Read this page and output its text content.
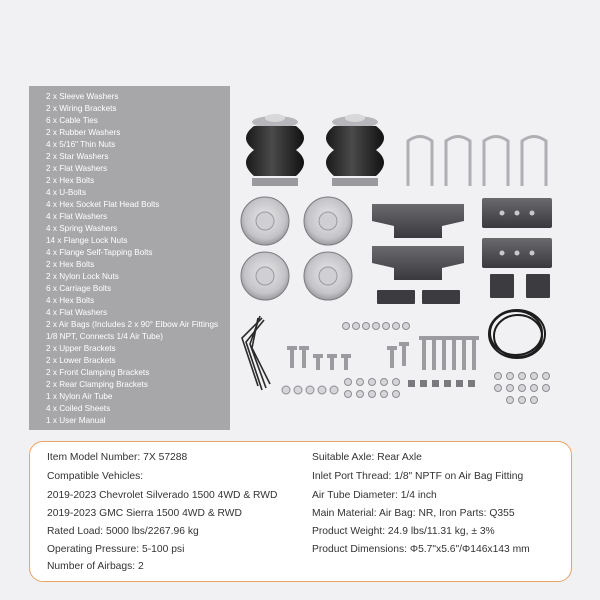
2 x Sleeve Washers
2 x Wiring Brackets
6 x Cable Ties
2 x Rubber Washers
4 x 5/16" Thin Nuts
2 x Star Washers
2 x Flat Washers
2 x Hex Bolts
4 x U-Bolts
4 x Hex Socket Flat Head Bolts
4 x Flat Washers
4 x Spring Washers
14 x Flange Lock Nuts
4 x Flange Self-Tapping Bolts
2 x Hex Bolts
2 x Nylon Lock Nuts
6 x Carriage Bolts
4 x Hex Bolts
4 x Flat Washers
2 x Air Bags (Includes 2 x 90° Elbow Air Fittings 1/8 NPT, Connects 1/4 Air Tube)
2 x Upper Brackets
2 x Lower Brackets
2 x Front Clamping Brackets
2 x Rear Clamping Brackets
1 x Nylon Air Tube
4 x Coiled Sheets
1 x User Manual
Item Model Number: 7X 57288
Compatible Vehicles:
2019-2023 Chevrolet Silverado 1500 4WD & RWD
2019-2023 GMC Sierra 1500 4WD & RWD
Rated Load: 5000 lbs/2267.96 kg
Operating Pressure: 5-100 psi
Number of Airbags: 2
Suitable Axle: Rear Axle
Inlet Port Thread: 1/8" NPTF on Air Bag Fitting
Air Tube Diameter: 1/4 inch
Main Material: Air Bag: NR, Iron Parts: Q355
Product Weight: 24.9 lbs/11.31 kg, ± 3%
Product Dimensions: Φ5.7"x5.6"/Φ146x143 mm
